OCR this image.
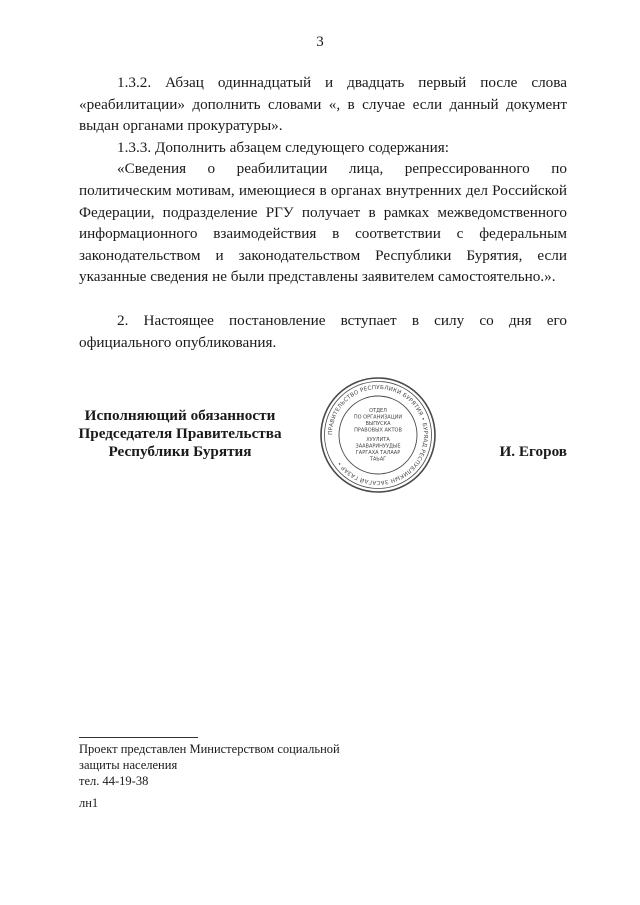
3

1.3.2. Абзац одиннадцатый и двадцать первый после слова «реабилитации» дополнить словами «, в случае если данный документ выдан органами прокуратуры».

1.3.3. Дополнить абзацем следующего содержания:

«Сведения о реабилитации лица, репрессированного по политическим мотивам, имеющиеся в органах внутренних дел Российской Федерации, подразделение РГУ получает в рамках межведомственного информационного взаимодействия в соответствии с федеральным законодательством и законодательством Республики Бурятия, если указанные сведения не были представлены заявителем самостоятельно.».

2. Настоящее постановление вступает в силу со дня его официального опубликования.

Исполняющий обязанности
Председателя Правительства
Республики Бурятия
ПРАВИТЕЛЬСТВО РЕСПУБЛИКИ БУРЯТИЯ • БУРЯАД РЕСПУБЛИКЫН ЗАСАГАЙ ГАЗАР •
ОТДЕЛ
ПО ОРГАНИЗАЦИИ
ВЫПУСКА
ПРАВОВЫХ АКТОВ
ХУУЛИТА
ЗААВАРИНУУДЫЕ
ГАРГАХА ТАЛААР
ТАЬАГ	И. Егоров
Проект представлен Министерством социальной
защиты населения
тел. 44-19-38
лн1
